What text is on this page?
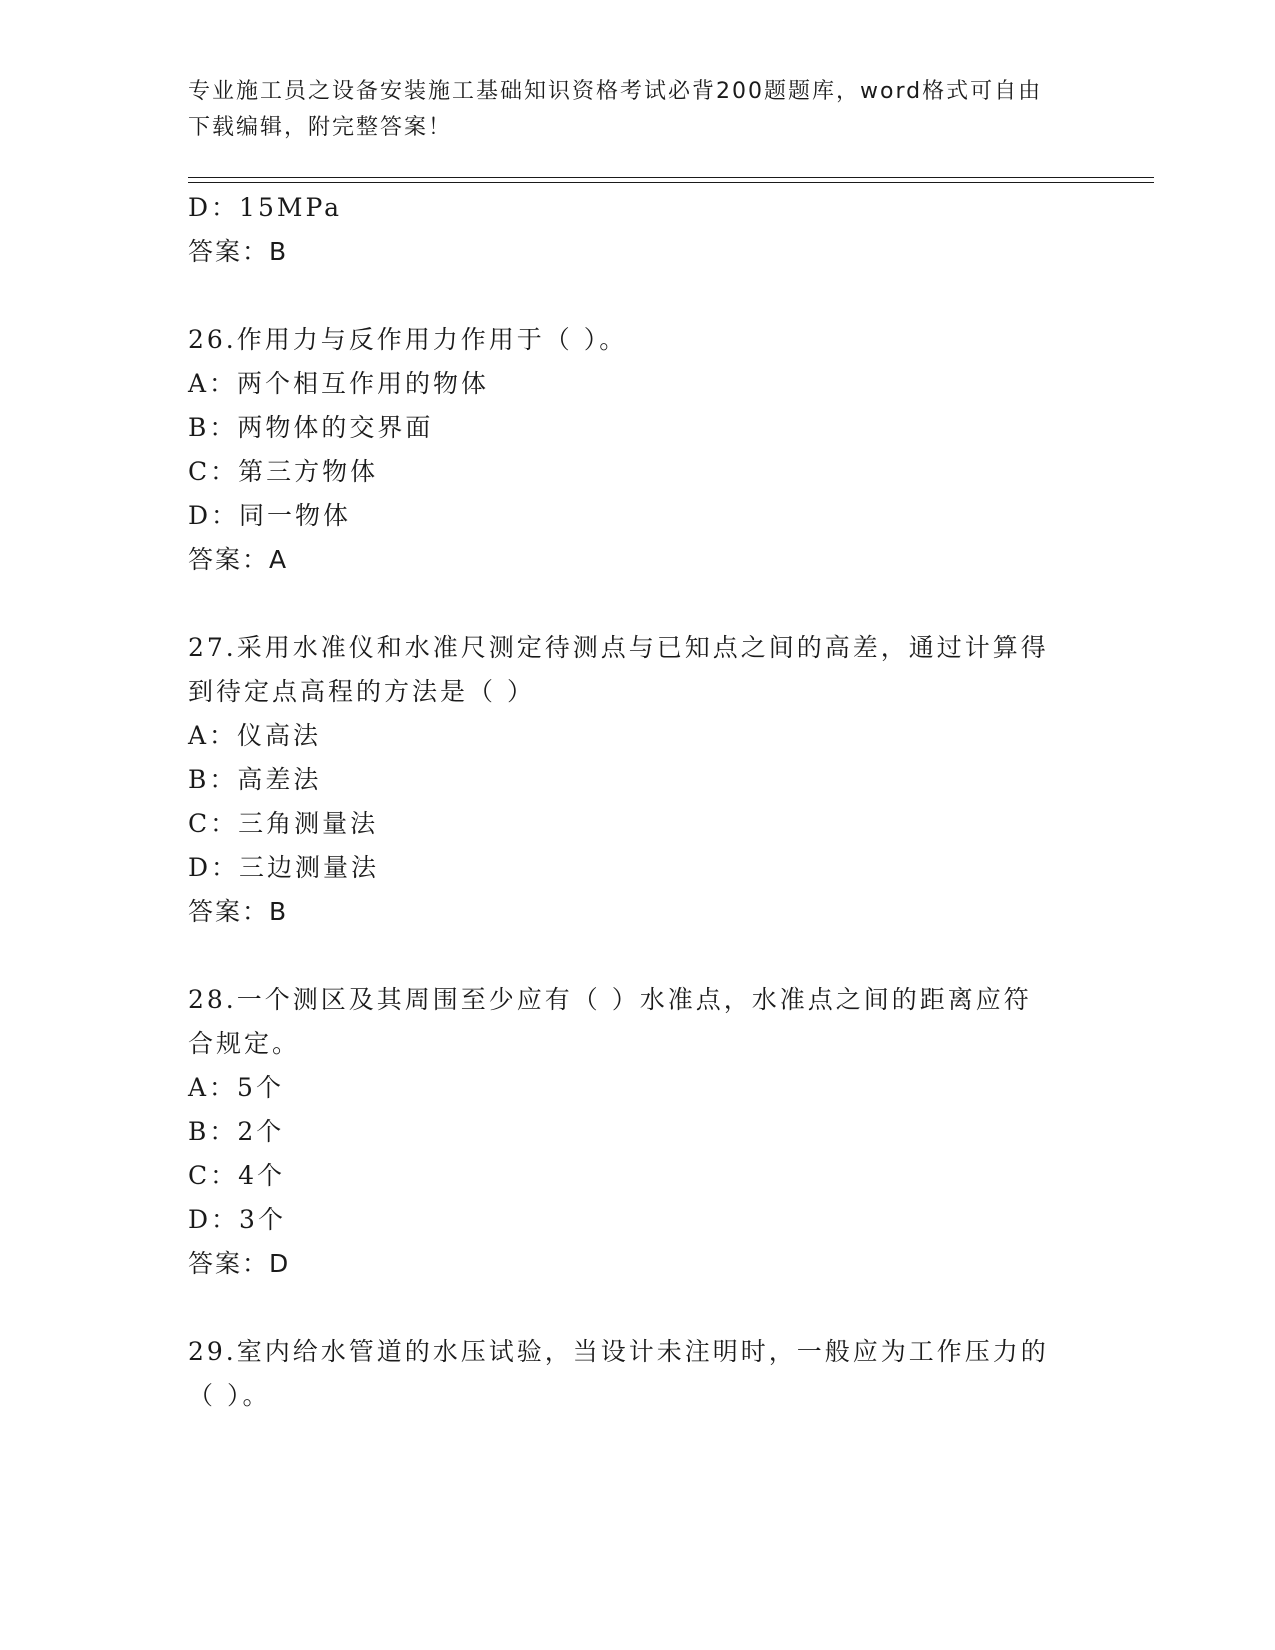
专业施工员之设备安装施工基础知识资格考试必背200题题库，word格式可自由
下载编辑，附完整答案！
D：15MPa
答案：B
26.作用力与反作用力作用于（ ）。
A：两个相互作用的物体
B：两物体的交界面
C：第三方物体
D：同一物体
答案：A
27.采用水准仪和水准尺测定待测点与已知点之间的高差，通过计算得
到待定点高程的方法是（ ）
A：仪高法
B：高差法
C：三角测量法
D：三边测量法
答案：B
28.一个测区及其周围至少应有（ ）水准点，水准点之间的距离应符
合规定。
A：5个
B：2个
C：4个
D：3个
答案：D
29.室内给水管道的水压试验，当设计未注明时，一般应为工作压力的
（ ）。
